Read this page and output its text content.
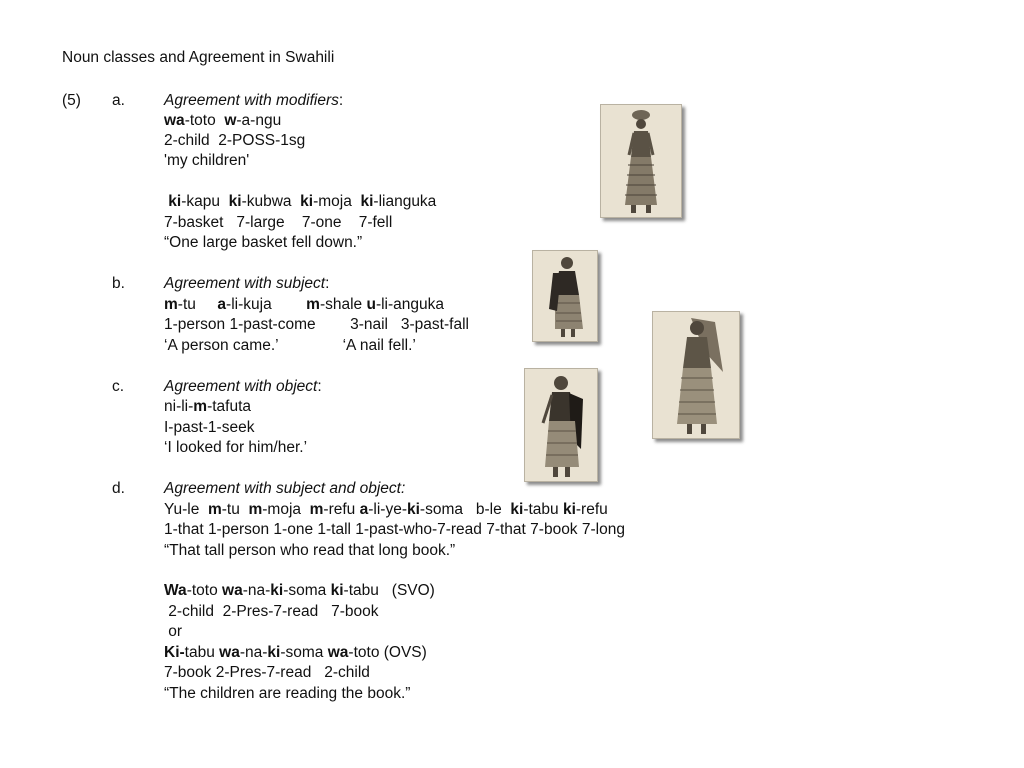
Noun classes and Agreement in Swahili
(5) a.	Agreement with modifiers:
wa-toto  w-a-ngu
2-child  2-POSS-1sg
'my children'
ki-kapu  ki-kubwa  ki-moja  ki-lianguka
7-basket   7-large    7-one    7-fell
“One large basket fell down.”
b.	Agreement with subject:
m-tu     a-li-kuja        m-shale u-li-anguka
1-person 1-past-come        3-nail   3-past-fall
‘A person came.’               ‘A nail fell.’
c.	Agreement with object:
ni-li-m-tafuta
I-past-1-seek
‘I looked for him/her.’
d.	Agreement with subject and object:
Yu-le  m-tu  m-moja  m-refu a-li-ye-ki-soma   b-le  ki-tabu ki-refu
1-that 1-person 1-one 1-tall 1-past-who-7-read 7-that 7-book 7-long
“That tall person who read that long book.”
Wa-toto wa-na-ki-soma ki-tabu   (SVO)
2-child  2-Pres-7-read   7-book
or
Ki-tabu wa-na-ki-soma wa-toto (OVS)
7-book 2-Pres-7-read   2-child
“The children are reading the book.”
